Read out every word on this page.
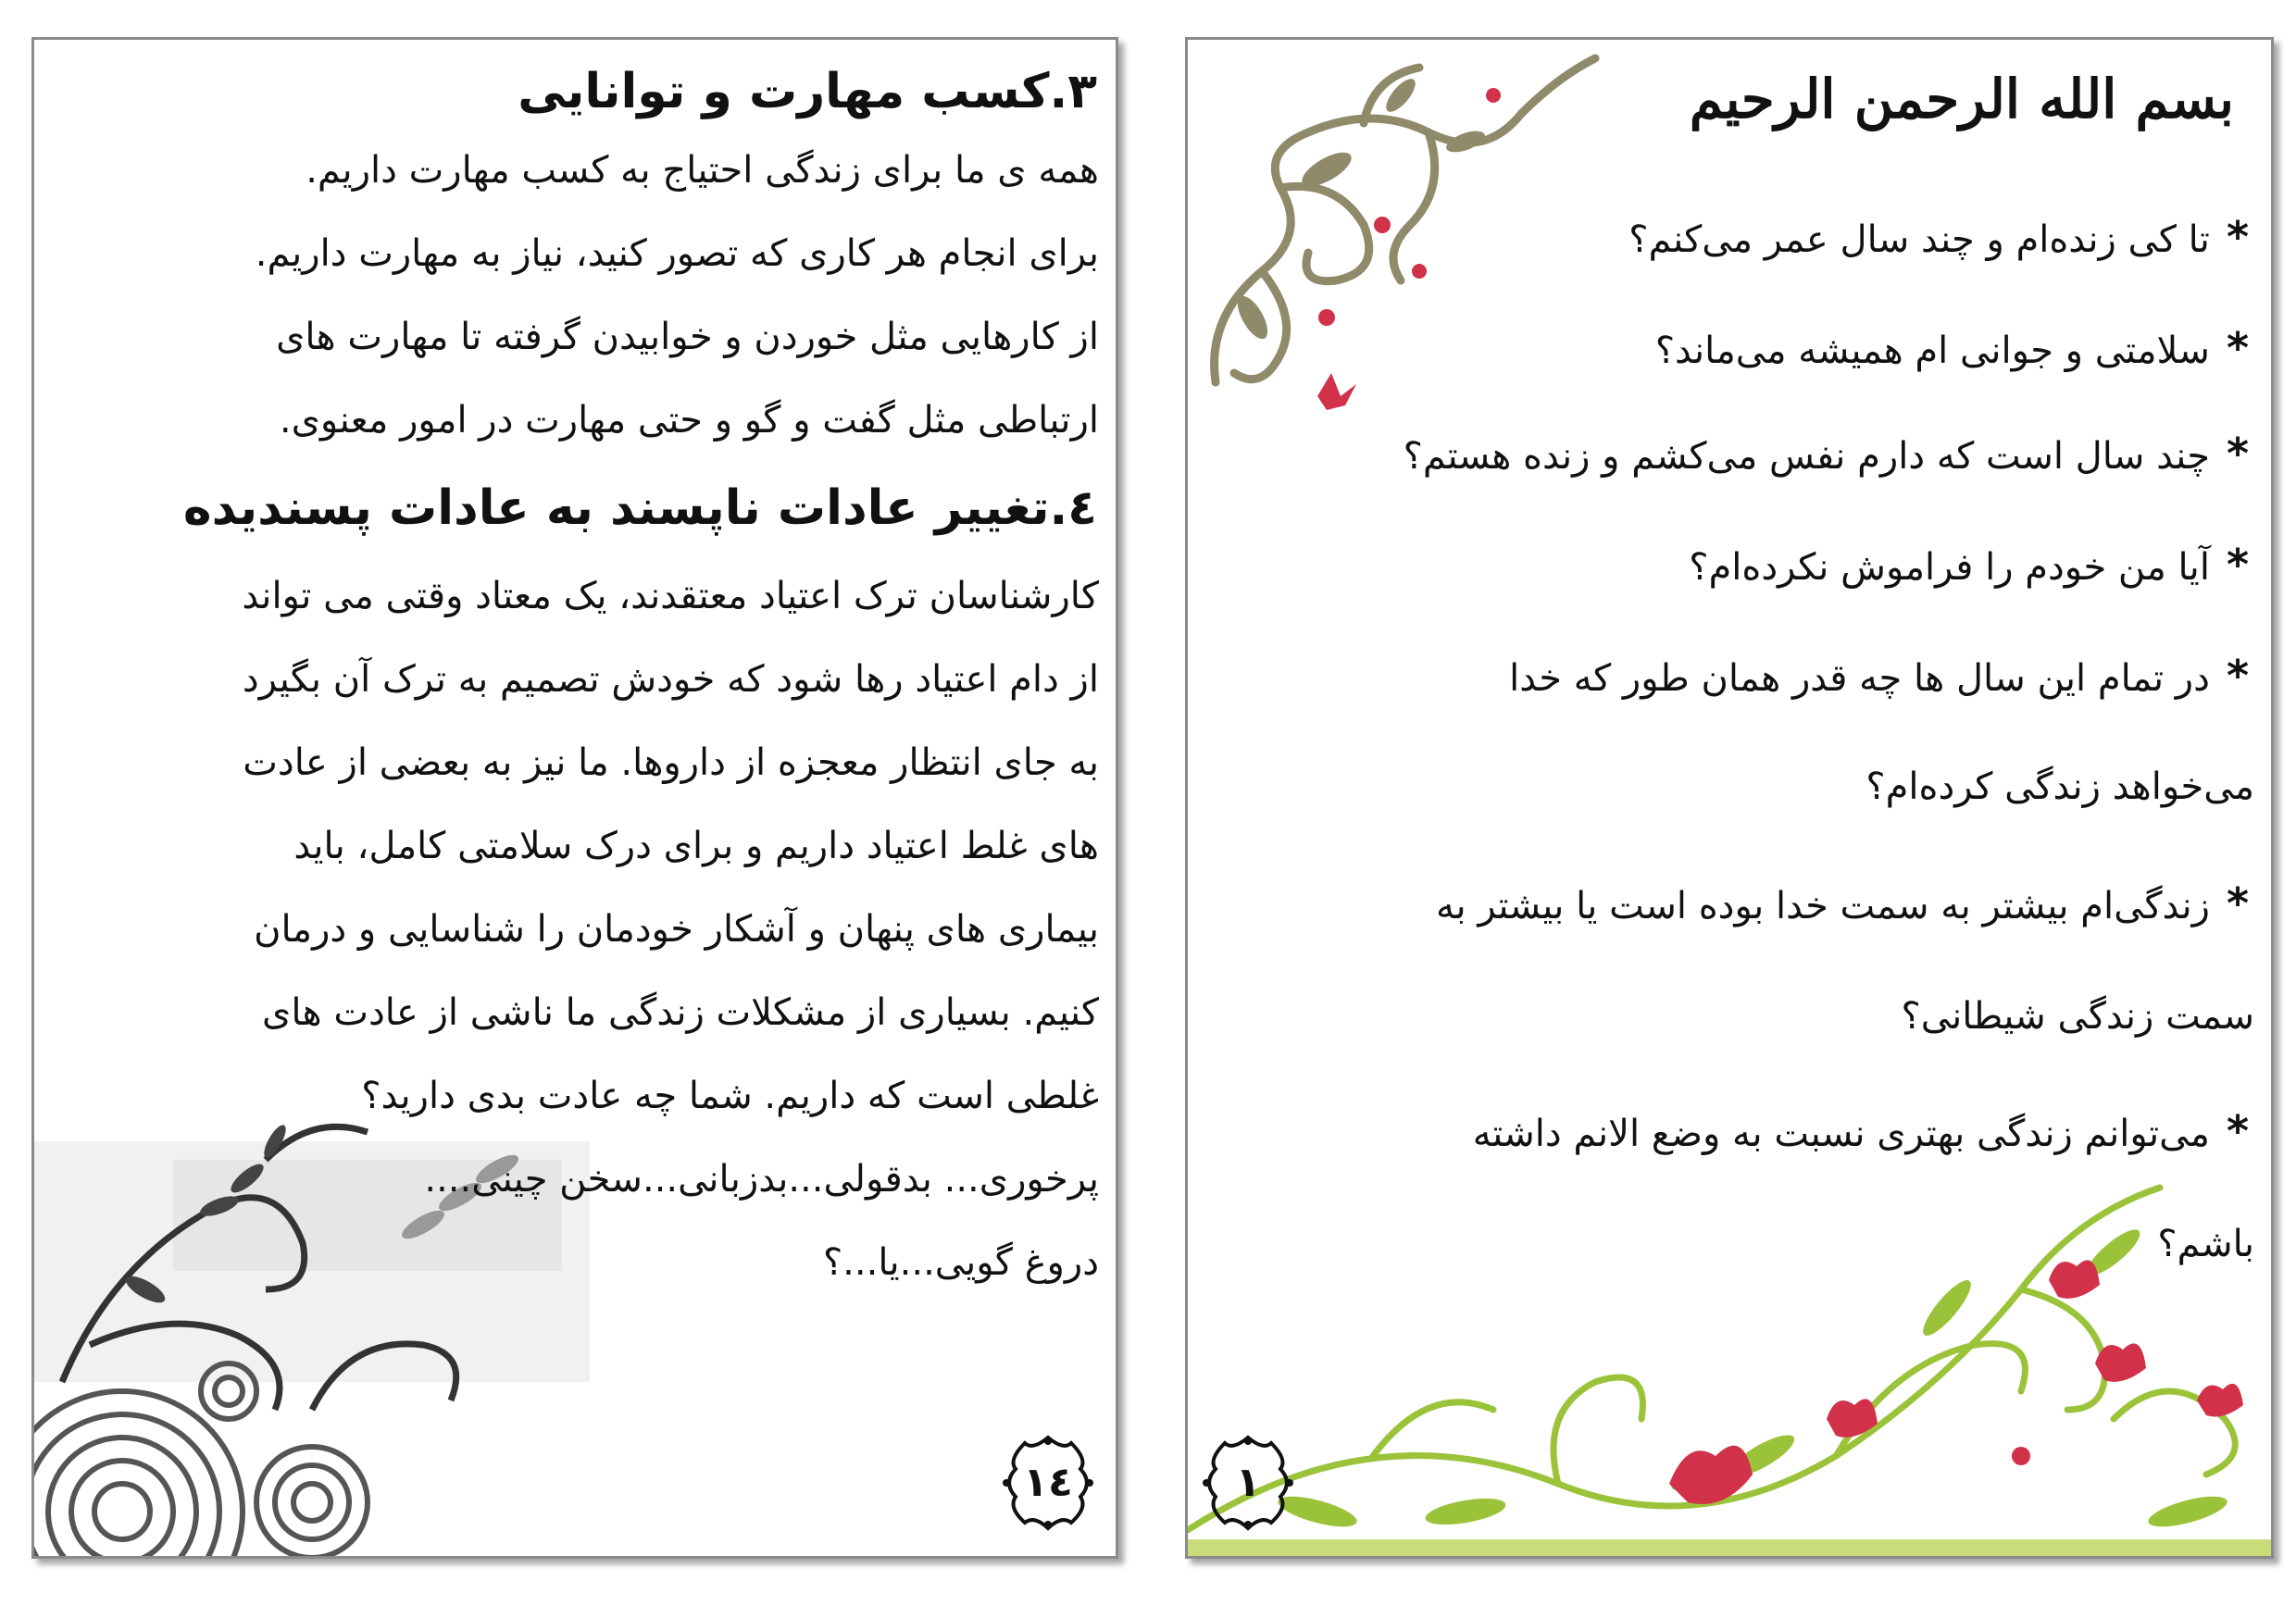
۳.کسب مهارت و توانایی
همه ی ما برای زندگی احتیاج به کسب مهارت داریم.
برای انجام هر کاری که تصور کنید، نیاز به مهارت داریم.
از کارهایی مثل خوردن و خوابیدن گرفته تا مهارت های
ارتباطی مثل گفت و گو و حتی مهارت در امور معنوی.
٤.تغییر عادات ناپسند به عادات پسندیده
کارشناسان ترک اعتیاد معتقدند، یک معتاد وقتی می تواند
از دام اعتیاد رها شود که خودش تصمیم به ترک آن بگیرد
به جای انتظار معجزه از داروها. ما نیز به بعضی از عادت
های غلط اعتیاد داریم و برای درک سلامتی کامل، باید
بیماری های پنهان و آشکار خودمان را شناسایی و درمان
کنیم. بسیاری از مشکلات زندگی ما ناشی از عادت های
غلطی است که داریم. شما چه عادت بدی دارید؟
پرخوری... بدقولی...بدزبانی...سخن چینی....
دروغ گویی...یا...؟
١٤
بسم الله الرحمن الرحیم
*تا کی زنده‌ام و چند سال عمر می‌کنم؟
*سلامتی و جوانی ام همیشه می‌ماند؟
*چند سال است که دارم نفس می‌کشم و زنده هستم؟
*آیا من خودم را فراموش نکرده‌ام؟
*در تمام این سال ها چه قدر همان طور که خدا
می‌خواهد زندگی کرده‌ام؟
*زندگی‌ام بیشتر به سمت خدا بوده است یا بیشتر به
سمت زندگی شیطانی؟
*می‌توانم زندگی بهتری نسبت به وضع الانم داشته
باشم؟
١
